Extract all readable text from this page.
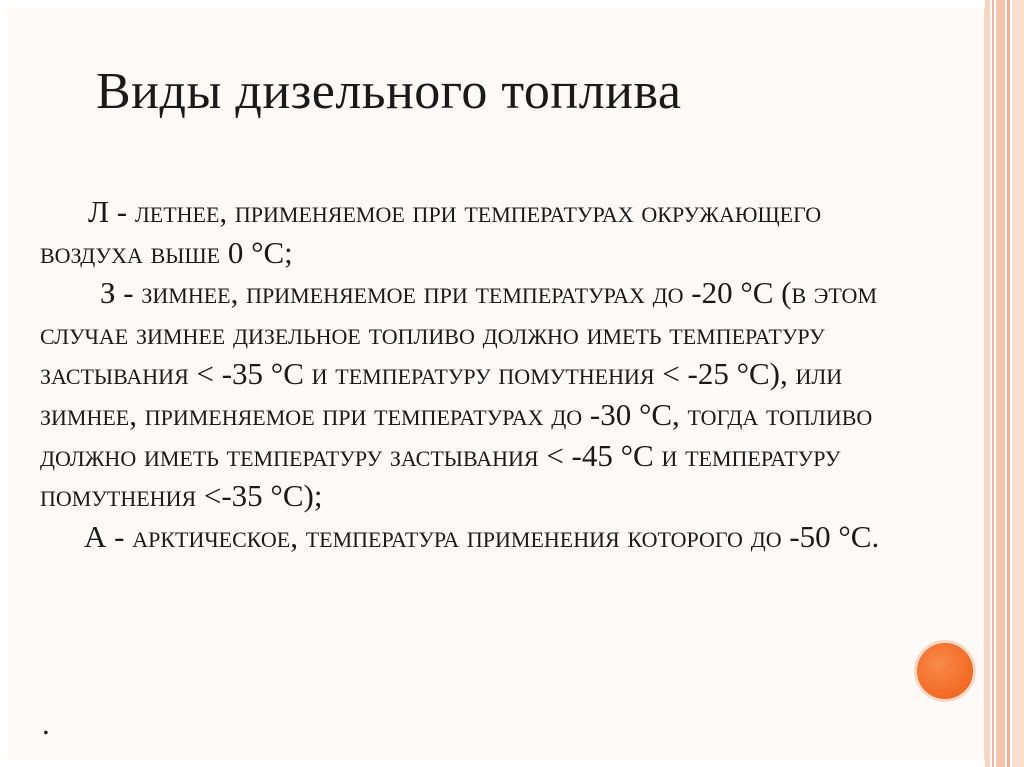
Виды дизельного топлива

Л - летнее, применяемое при температурах окружающего воздуха выше 0 °С;

З - зимнее, применяемое при температурах до -20 °С (в этом случае зимнее дизельное топливо должно иметь температуру застывания < -35 °С и температуру помутнения < -25 °С), или зимнее, применяемое при температурах до -30 °С, тогда топливо должно иметь температуру застывания < -45 °С и температуру помутнения <-35 °С);

А - арктическое, температура применения которого до -50 °С.

.
